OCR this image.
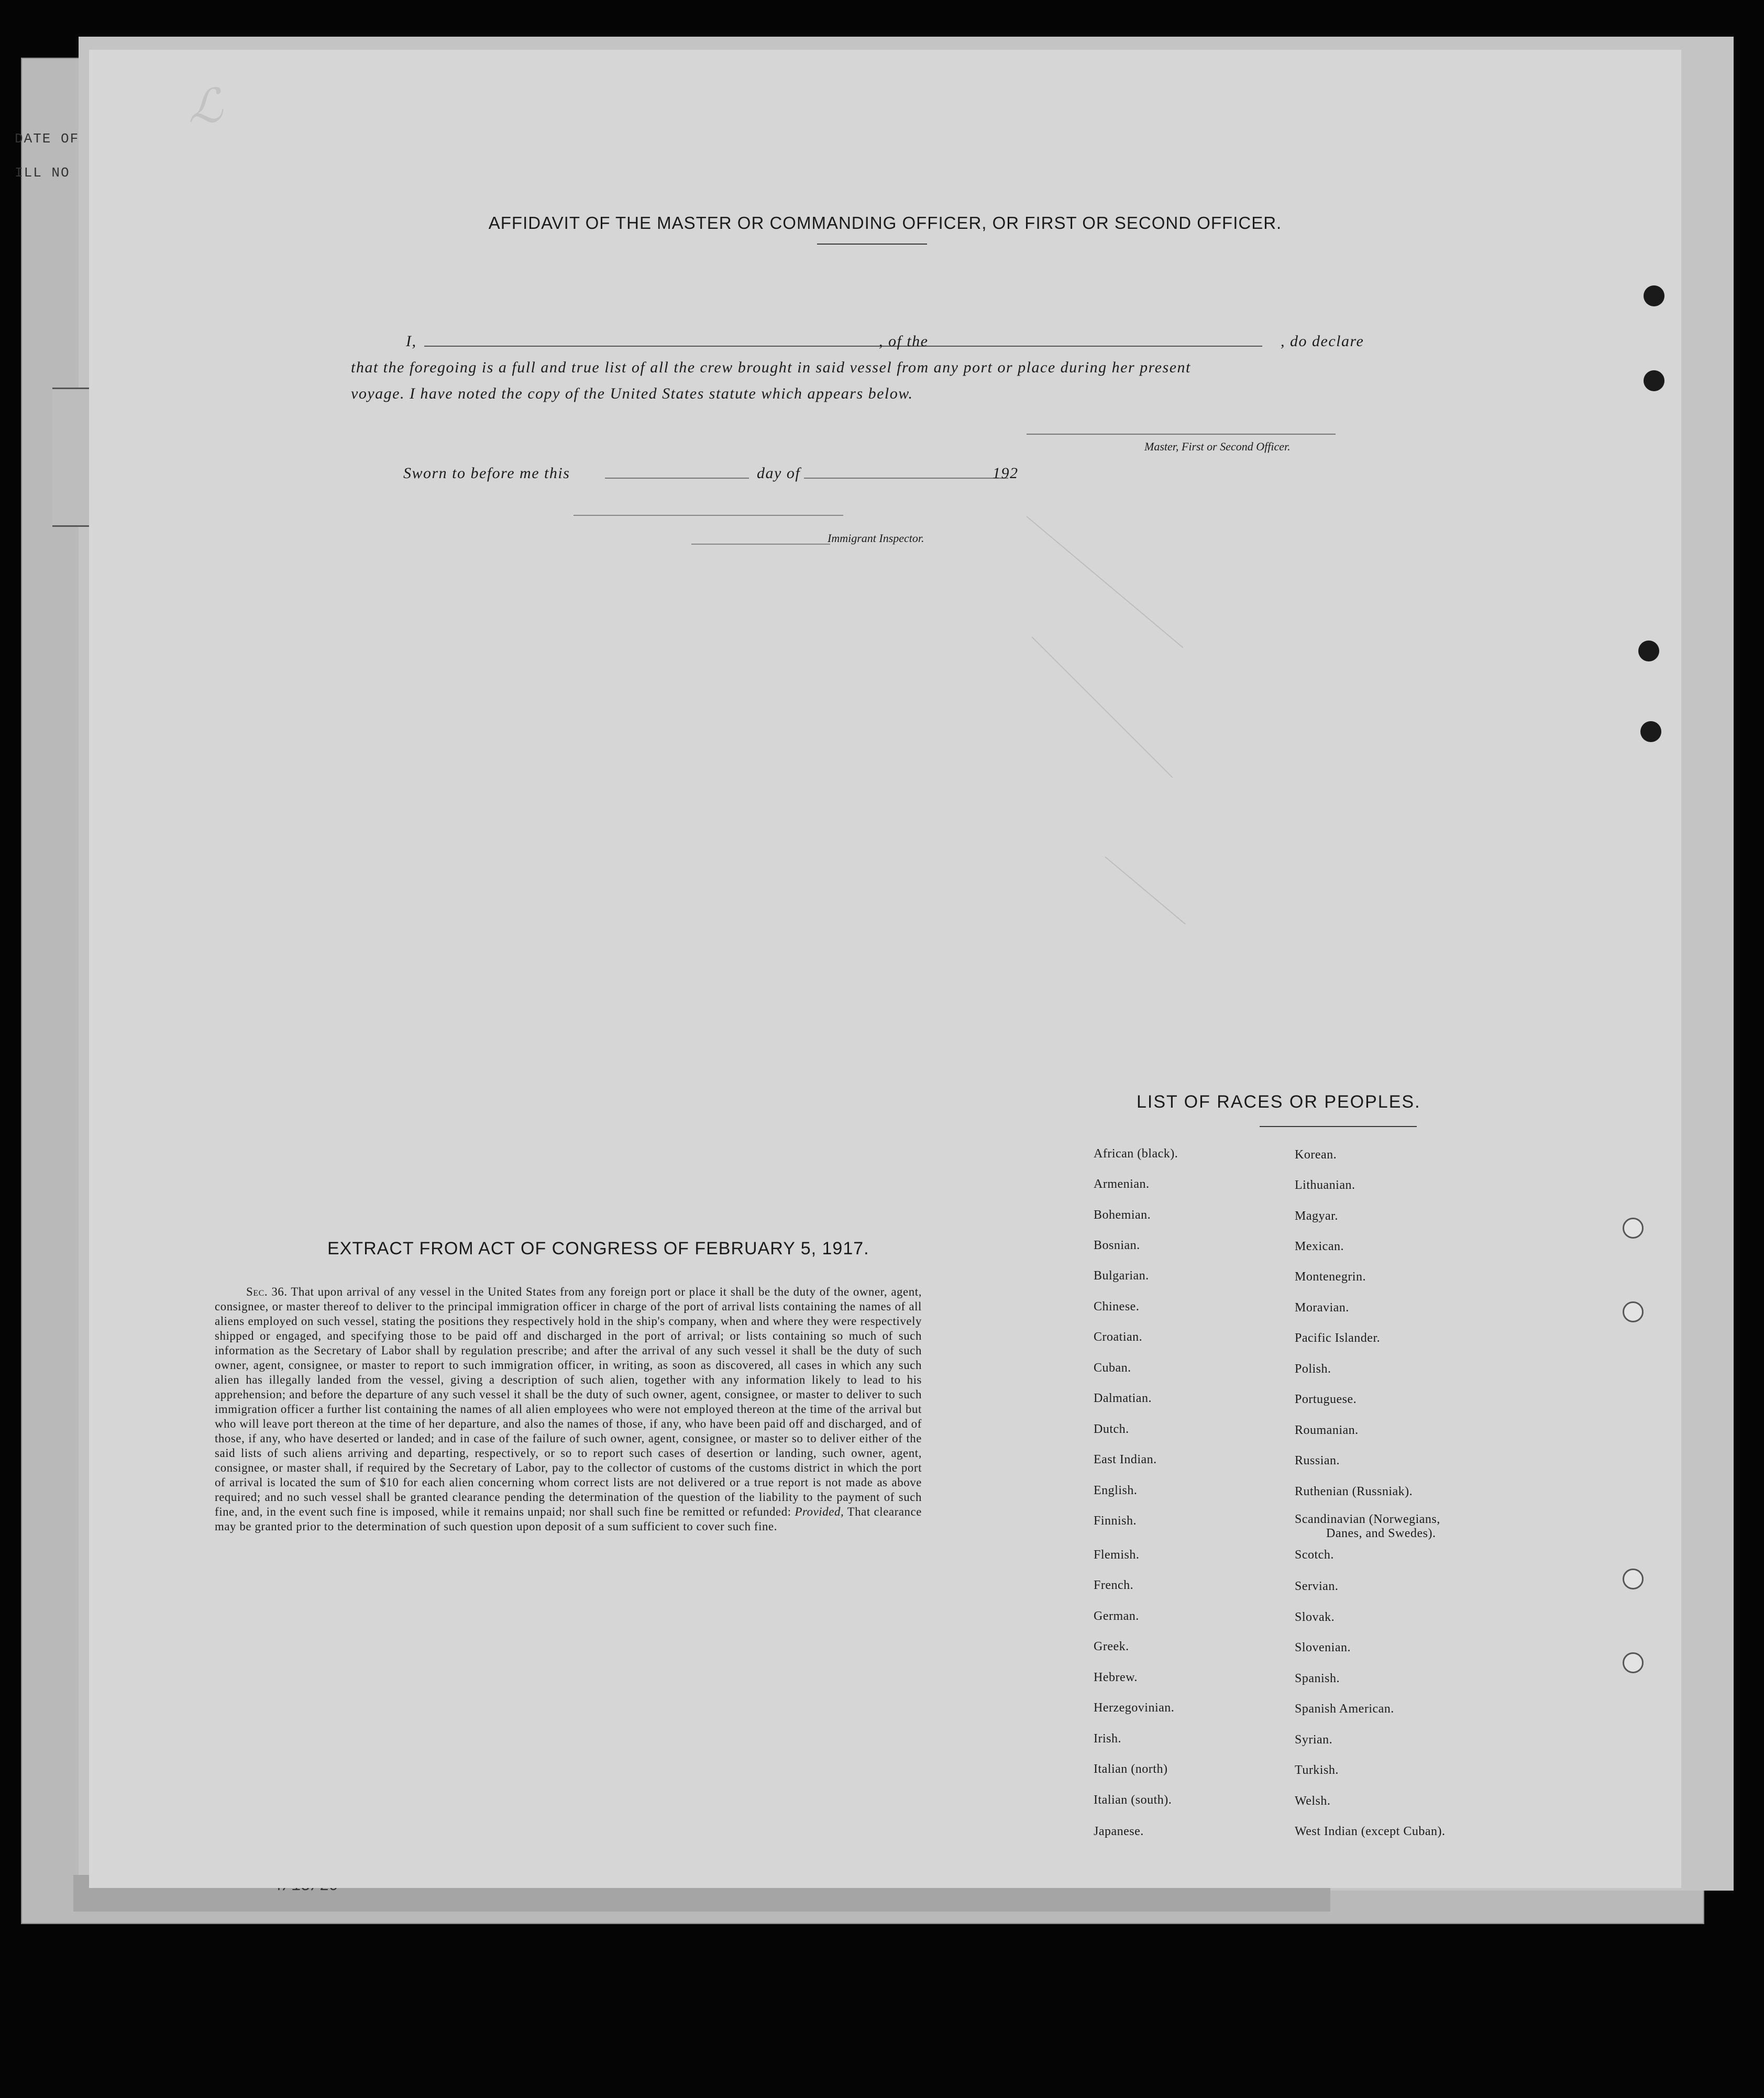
DATE OF
ILL NO
ℒ
AFFIDAVIT OF THE MASTER OR COMMANDING OFFICER, OR FIRST OR SECOND OFFICER.
I,	, of the	, do declare
that the foregoing is a full and true list of all the crew brought in said vessel from any port or place during her present
voyage. I have noted the copy of the United States statute which appears below.
Master, First or Second Officer.
Sworn to before me this	day of	192
Immigrant Inspector.
EXTRACT FROM ACT OF CONGRESS OF FEBRUARY 5, 1917.
Sec. 36. That upon arrival of any vessel in the United States from any foreign port or place it shall be the duty of the owner, agent, consignee, or master thereof to deliver to the principal immigration officer in charge of the port of arrival lists containing the names of all aliens employed on such vessel, stating the positions they respectively hold in the ship's company, when and where they were respectively shipped or engaged, and specifying those to be paid off and discharged in the port of arrival; or lists containing so much of such information as the Secretary of Labor shall by regulation prescribe; and after the arrival of any such vessel it shall be the duty of such owner, agent, consignee, or master to report to such immigration officer, in writing, as soon as discovered, all cases in which any such alien has illegally landed from the vessel, giving a description of such alien, together with any information likely to lead to his apprehension; and before the departure of any such vessel it shall be the duty of such owner, agent, consignee, or master to deliver to such immigration officer a further list containing the names of all alien employees who were not employed thereon at the time of the arrival but who will leave port thereon at the time of her departure, and also the names of those, if any, who have been paid off and discharged, and of those, if any, who have deserted or landed; and in case of the failure of such owner, agent, consignee, or master so to deliver either of the said lists of such aliens arriving and departing, respectively, or so to report such cases of desertion or landing, such owner, agent, consignee, or master shall, if required by the Secretary of Labor, pay to the collector of customs of the customs district in which the port of arrival is located the sum of $10 for each alien concerning whom correct lists are not delivered or a true report is not made as above required; and no such vessel shall be granted clearance pending the determination of the question of the liability to the payment of such fine, and, in the event such fine is imposed, while it remains unpaid; nor shall such fine be remitted or refunded: Provided, That clearance may be granted prior to the determination of such question upon deposit of a sum sufficient to cover such fine.
LIST OF RACES OR PEOPLES.
African (black).
Armenian.
Bohemian.
Bosnian.
Bulgarian.
Chinese.
Croatian.
Cuban.
Dalmatian.
Dutch.
East Indian.
English.
Finnish.
Flemish.
French.
German.
Greek.
Hebrew.
Herzegovinian.
Irish.
Italian (north)
Italian (south).
Japanese.
Korean.
Lithuanian.
Magyar.
Mexican.
Montenegrin.
Moravian.
Pacific Islander.
Polish.
Portuguese.
Roumanian.
Russian.
Ruthenian (Russniak).
Scandinavian (Norwegians,
Danes, and Swedes).
Scotch.
Servian.
Slovak.
Slovenian.
Spanish.
Spanish American.
Syrian.
Turkish.
Welsh.
West Indian (except Cuban).
